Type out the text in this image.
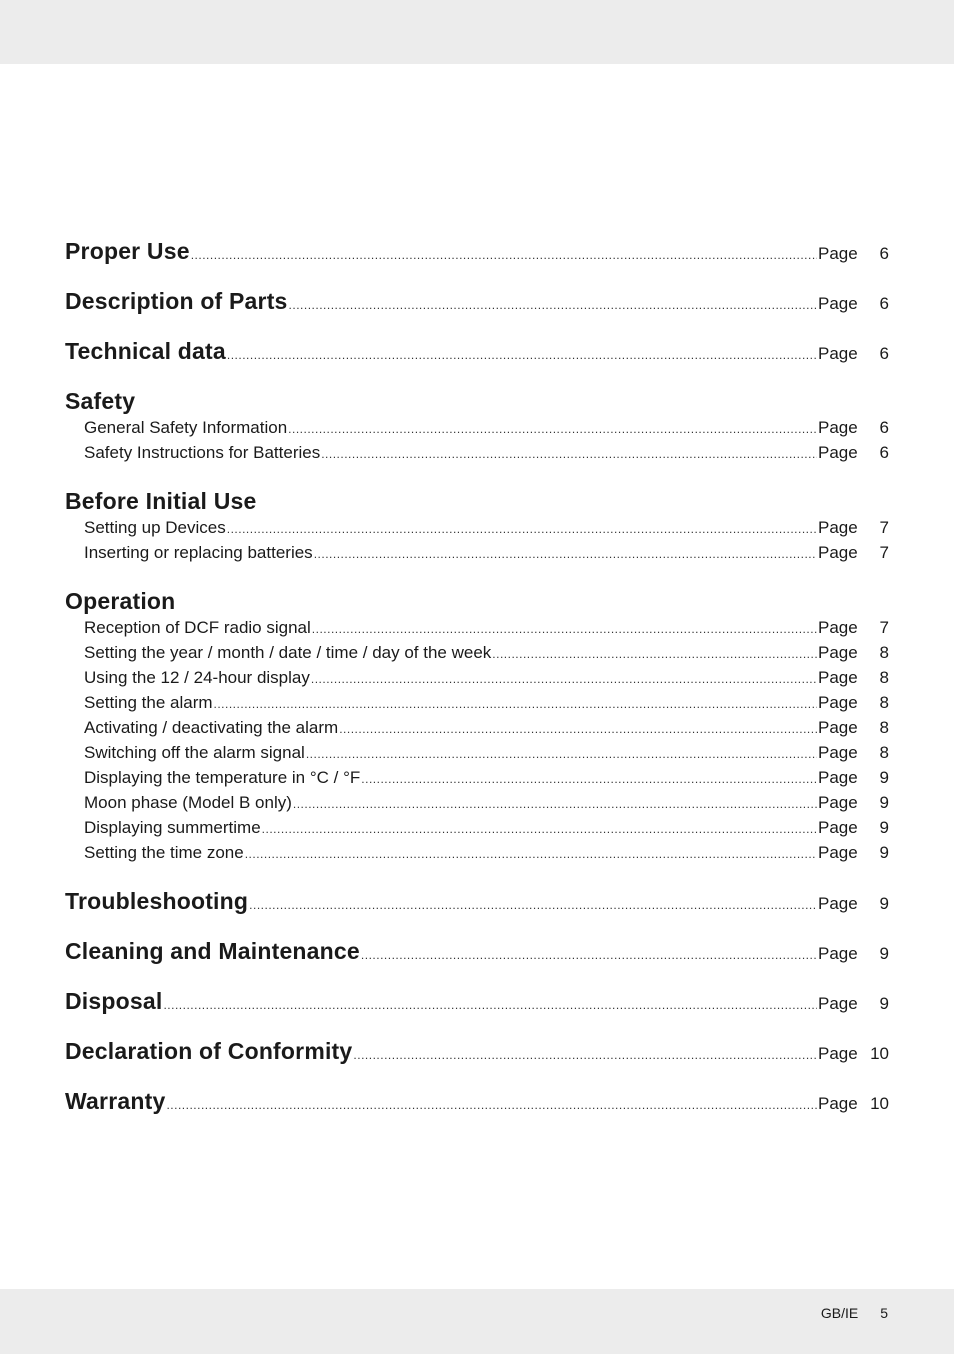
Proper Use .....	Page	6
Description of Parts .....	Page	6
Technical data .....	Page	6
Safety
General Safety Information .....	Page	6
Safety Instructions for Batteries .....	Page	6
Before Initial Use
Setting up Devices .....	Page	7
Inserting or replacing batteries .....	Page	7
Operation
Reception of DCF radio signal .....	Page	7
Setting the year / month / date / time / day of the week .....	Page	8
Using the 12 / 24-hour display .....	Page	8
Setting the alarm .....	Page	8
Activating / deactivating the alarm .....	Page	8
Switching off the alarm signal .....	Page	8
Displaying the temperature in °C / °F .....	Page	9
Moon phase (Model B only) .....	Page	9
Displaying summertime .....	Page	9
Setting the time zone .....	Page	9
Troubleshooting .....	Page	9
Cleaning and Maintenance .....	Page	9
Disposal .....	Page	9
Declaration of Conformity .....	Page 10
Warranty .....	Page 10
GB/IE 5
